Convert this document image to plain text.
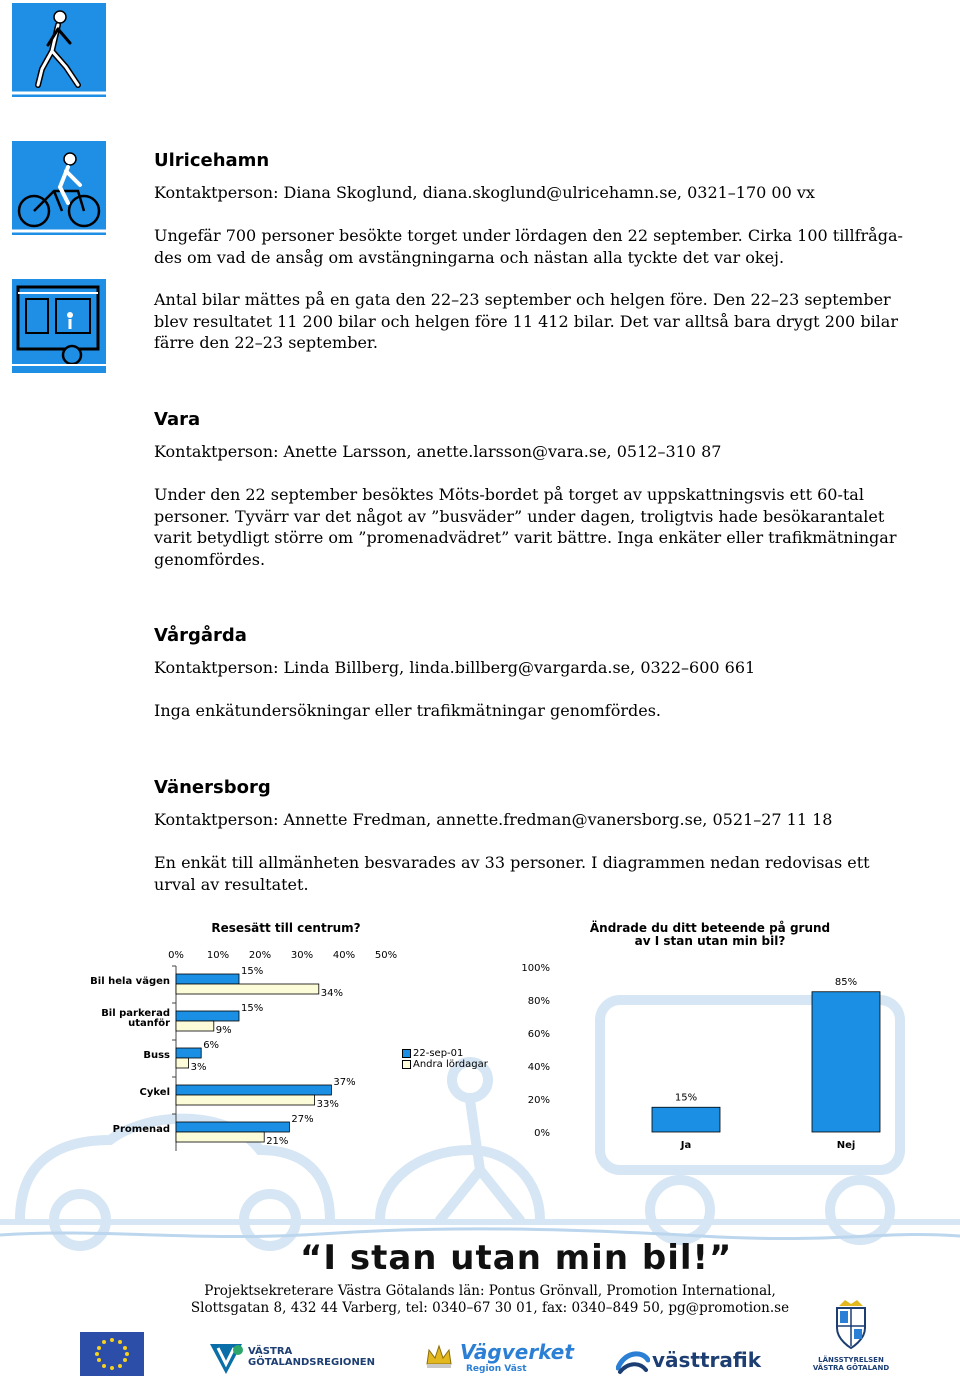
Ulricehamn

Kontaktperson: Diana Skoglund, diana.skoglund@ulricehamn.se, 0321–170 00 vx

Ungefär 700 personer besökte torget under lördagen den 22 september. Cirka 100 tillfråga-des om vad de ansåg om avstängningarna och nästan alla tyckte det var okej.

Antal bilar mättes på en gata den 22–23 september och helgen före. Den 22–23 september blev resultatet 11 200 bilar och helgen före 11 412 bilar. Det var alltså bara drygt 200 bilar färre den 22–23 september.

Vara

Kontaktperson: Anette Larsson, anette.larsson@vara.se, 0512–310 87

Under den 22 september besöktes Möts-bordet på torget av uppskattningsvis ett 60-tal personer. Tyvärr var det något av ”busväder” under dagen, troligtvis hade besökarantalet varit betydligt större om ”promenadvädret” varit bättre. Inga enkäter eller trafikmätningar genomfördes.

Vårgårda

Kontaktperson: Linda Billberg, linda.billberg@vargarda.se, 0322–600 661

Inga enkätundersökningar eller trafikmätningar genomfördes.

Vänersborg

Kontaktperson: Annette Fredman, annette.fredman@vanersborg.se, 0521–27 11 18

En enkät till allmänheten besvarades av 33 personer. I diagrammen nedan redovisas ett urval av resultatet.

Resesätt till centrum?
0% 10% 20% 30% 40% 50%
Bil hela vägen
15%
34%
Bil parkerad
utanför
15%
9%
Buss
6%
3%
Cykel
37%
33%
Promenad
27%
21%
22-sep-01
Andra lördagar
Ändrade du ditt beteende på grund av I stan utan min bil?
0%
20%
40%
60%
80%
100%
15%
Ja
85%
Nej
“I stan utan min bil!”
Projektsekreterare Västra Götalands län: Pontus Grönvall, Promotion International,
Slottsgatan 8, 432 44 Varberg, tel: 0340–67 30 01, fax: 0340–849 50, pg@promotion.se
VÄSTRA
GÖTALANDSREGIONEN	Vägverket
Region Väst	västtrafik	LÄNSSTYRELSEN
VÄSTRA GÖTALAND
